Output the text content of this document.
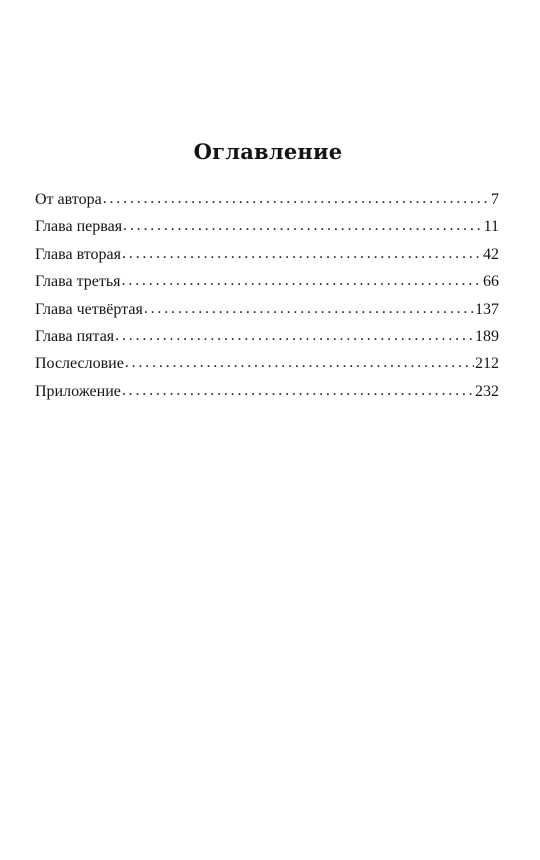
Оглавление
От автора . . .	7
Глава первая . . .	11
Глава вторая . . .	42
Глава третья . . .	66
Глава четвёртая . . .	137
Глава пятая . . .	189
Послесловие . . .	212
Приложение . . .	232
